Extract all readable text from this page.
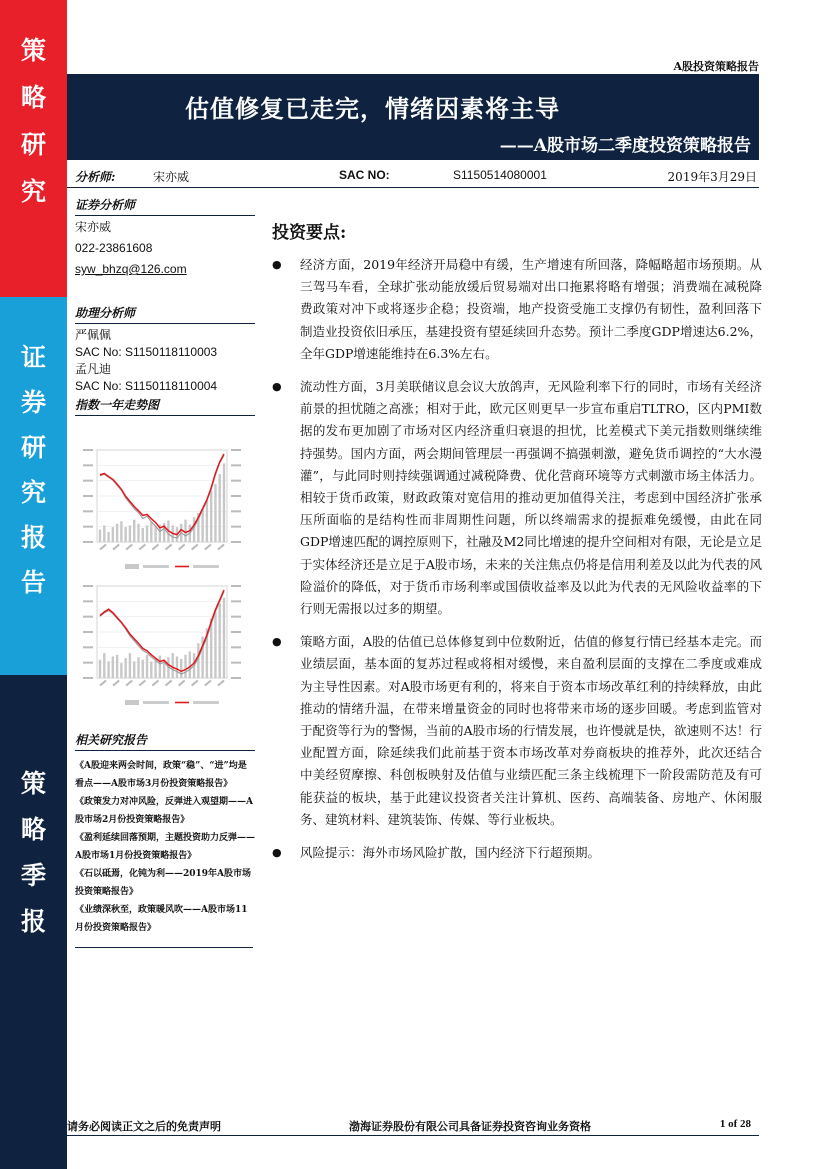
策
略
研
究
证
券
研
究
报
告
策
略
季
报
A股投资策略报告
估值修复已走完，情绪因素将主导
——A股市场二季度投资策略报告
分析师:	宋亦威	SAC NO:	S1150514080001	2019年3月29日
证券分析师
宋亦威
022-23861608
syw_bhzq@126.com
助理分析师
严佩佩
SAC No: S1150118110003
孟凡迪
SAC No: S1150118110004
指数一年走势图
相关研究报告
《A股迎来两会时间，政策“稳”、“进”均是看点——A股市场3月份投资策略报告》
《政策发力对冲风险，反弹进入观望期——A股市场2月份投资策略报告》
《盈利延续回落预期，主题投资助力反弹——A股市场1月份投资策略报告》
《石以砥焉，化钝为利——2019年A股市场投资策略报告》
《业绩深秋至，政策暖风吹——A股市场11月份投资策略报告》
投资要点:
● 经济方面，2019年经济开局稳中有缓，生产增速有所回落，降幅略超市场预期。从三驾马车看，全球扩张动能放缓后贸易端对出口拖累将略有增强；消费端在减税降费政策对冲下或将逐步企稳；投资端，地产投资受施工支撑仍有韧性，盈利回落下制造业投资依旧承压，基建投资有望延续回升态势。预计二季度GDP增速达6.2%，全年GDP增速能维持在6.3%左右。
● 流动性方面，3月美联储议息会议大放鸽声，无风险利率下行的同时，市场有关经济前景的担忧随之高涨；相对于此，欧元区则更早一步宣布重启TLTRO，区内PMI数据的发布更加剧了市场对区内经济重归衰退的担忧，比差模式下美元指数则继续维持强势。国内方面，两会期间管理层一再强调不搞强刺激，避免货币调控的“大水漫灌”，与此同时则持续强调通过减税降费、优化营商环境等方式刺激市场主体活力。相较于货币政策，财政政策对宽信用的推动更加值得关注，考虑到中国经济扩张承压所面临的是结构性而非周期性问题，所以终端需求的提振难免缓慢，由此在同GDP增速匹配的调控原则下，社融及M2同比增速的提升空间相对有限，无论是立足于实体经济还是立足于A股市场，未来的关注焦点仍将是信用利差及以此为代表的风险溢价的降低，对于货币市场利率或国债收益率及以此为代表的无风险收益率的下行则无需报以过多的期望。
● 策略方面，A股的估值已总体修复到中位数附近，估值的修复行情已经基本走完。而业绩层面，基本面的复苏过程或将相对缓慢，来自盈利层面的支撑在二季度或难成为主导性因素。对A股市场更有利的，将来自于资本市场改革红利的持续释放，由此推动的情绪升温，在带来增量资金的同时也将带来市场的逐步回暖。考虑到监管对于配资等行为的警惕，当前的A股市场的行情发展，也许慢就是快，欲速则不达！行业配置方面，除延续我们此前基于资本市场改革对券商板块的推荐外，此次还结合中美经贸摩擦、科创板映射及估值与业绩匹配三条主线梳理下一阶段需防范及有可能获益的板块，基于此建议投资者关注计算机、医药、高端装备、房地产、休闲服务、建筑材料、建筑装饰、传媒、等行业板块。
● 风险提示：海外市场风险扩散，国内经济下行超预期。
请务必阅读正文之后的免责声明	渤海证券股份有限公司具备证券投资咨询业务资格	1 of 28
